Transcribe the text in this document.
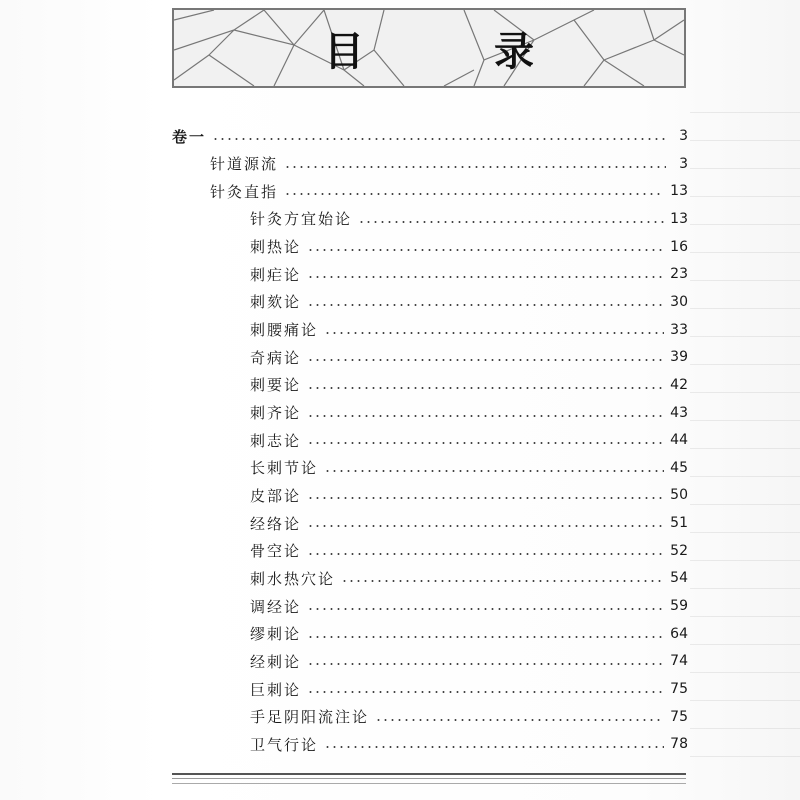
目 录
卷一	3
针道源流	3
针灸直指	13
针灸方宜始论	13
刺热论	16
刺疟论	23
刺欬论	30
刺腰痛论	33
奇病论	39
刺要论	42
刺齐论	43
刺志论	44
长刺节论	45
皮部论	50
经络论	51
骨空论	52
刺水热穴论	54
调经论	59
缪刺论	64
经刺论	74
巨刺论	75
手足阴阳流注论	75
卫气行论	78
